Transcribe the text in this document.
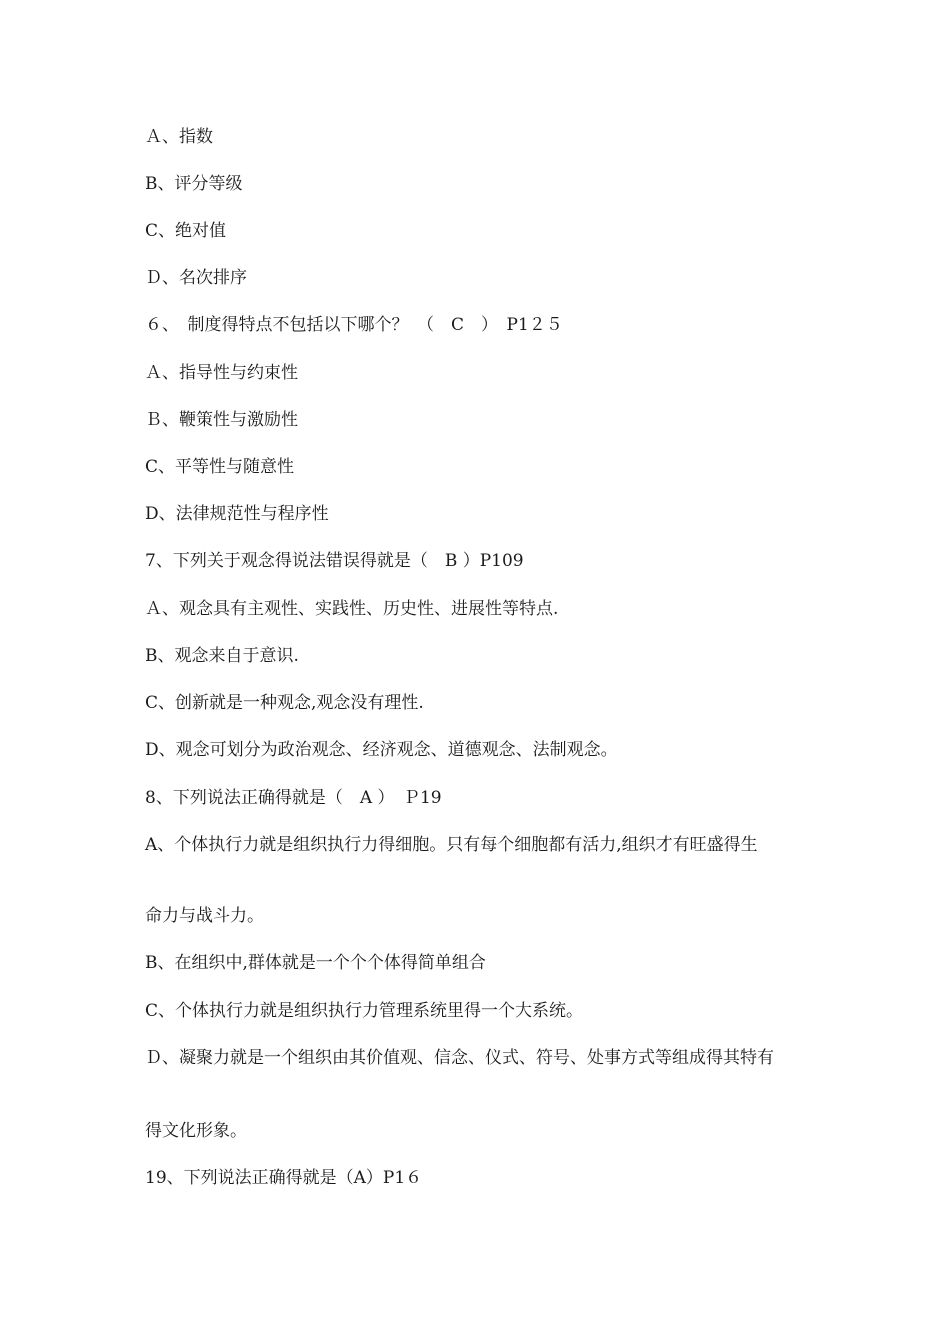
Ａ、指数
B、评分等级
C、绝对值
Ｄ、名次排序
６、　制度得特点不包括以下哪个？　（　C　）　P1２５
Ａ、指导性与约束性
Ｂ、鞭策性与激励性
C、平等性与随意性
D、法律规范性与程序性
7、下列关于观念得说法错误得就是（　B ）P109
Ａ、观念具有主观性、实践性、历史性、进展性等特点.
B、观念来自于意识.
C、创新就是一种观念,观念没有理性.
D、观念可划分为政治观念、经济观念、道德观念、法制观念。
8、下列说法正确得就是（　A ）　Ｐ19
A、个体执行力就是组织执行力得细胞。只有每个细胞都有活力,组织才有旺盛得生
命力与战斗力。
B、在组织中,群体就是一个个个体得简单组合
C、个体执行力就是组织执行力管理系统里得一个大系统。
Ｄ、凝聚力就是一个组织由其价值观、信念、仪式、符号、处事方式等组成得其特有
得文化形象。
19、下列说法正确得就是（A）P1６
